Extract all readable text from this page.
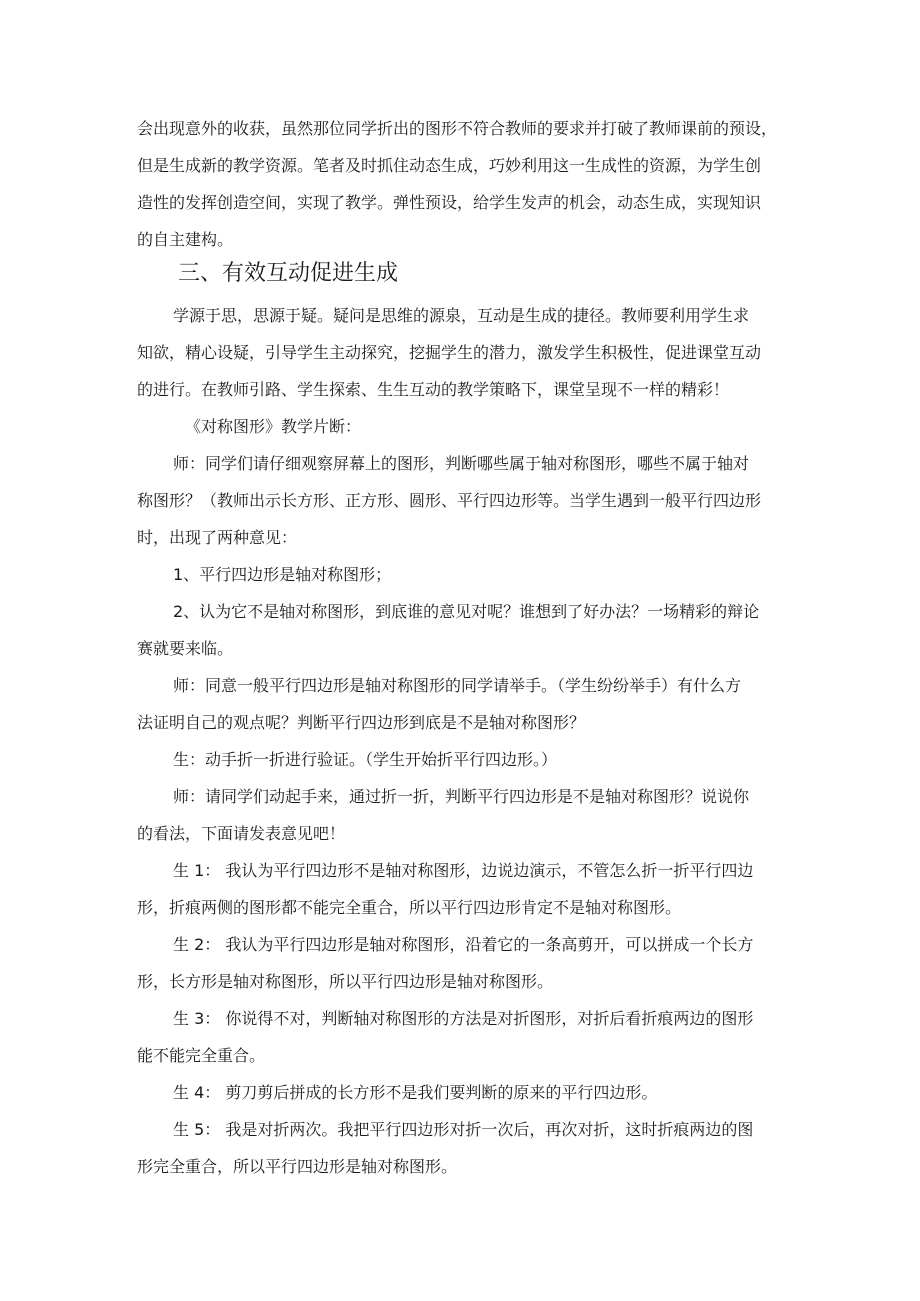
会出现意外的收获，虽然那位同学折出的图形不符合教师的要求并打破了教师课前的预设，
但是生成新的教学资源。笔者及时抓住动态生成，巧妙利用这一生成性的资源，为学生创
造性的发挥创造空间，实现了教学。弹性预设，给学生发声的机会，动态生成，实现知识
的自主建构。
三、有效互动促进生成
学源于思，思源于疑。疑问是思维的源泉，互动是生成的捷径。教师要利用学生求
知欲，精心设疑，引导学生主动探究，挖掘学生的潜力，激发学生积极性，促进课堂互动
的进行。在教师引路、学生探索、生生互动的教学策略下，课堂呈现不一样的精彩！
《对称图形》教学片断：
师：同学们请仔细观察屏幕上的图形，判断哪些属于轴对称图形，哪些不属于轴对
称图形？（教师出示长方形、正方形、圆形、平行四边形等。当学生遇到一般平行四边形
时，出现了两种意见：
1、平行四边形是轴对称图形；
2、认为它不是轴对称图形，到底谁的意见对呢？谁想到了好办法？一场精彩的辩论
赛就要来临。
师：同意一般平行四边形是轴对称图形的同学请举手。（学生纷纷举手）有什么方
法证明自己的观点呢？判断平行四边形到底是不是轴对称图形？
生：动手折一折进行验证。（学生开始折平行四边形。）
师：请同学们动起手来，通过折一折，判断平行四边形是不是轴对称图形？说说你
的看法，下面请发表意见吧！
生 1： 我认为平行四边形不是轴对称图形，边说边演示，不管怎么折一折平行四边
形，折痕两侧的图形都不能完全重合，所以平行四边形肯定不是轴对称图形。
生 2： 我认为平行四边形是轴对称图形，沿着它的一条高剪开，可以拼成一个长方
形，长方形是轴对称图形，所以平行四边形是轴对称图形。
生 3： 你说得不对，判断轴对称图形的方法是对折图形，对折后看折痕两边的图形
能不能完全重合。
生 4： 剪刀剪后拼成的长方形不是我们要判断的原来的平行四边形。
生 5： 我是对折两次。我把平行四边形对折一次后，再次对折，这时折痕两边的图
形完全重合，所以平行四边形是轴对称图形。
